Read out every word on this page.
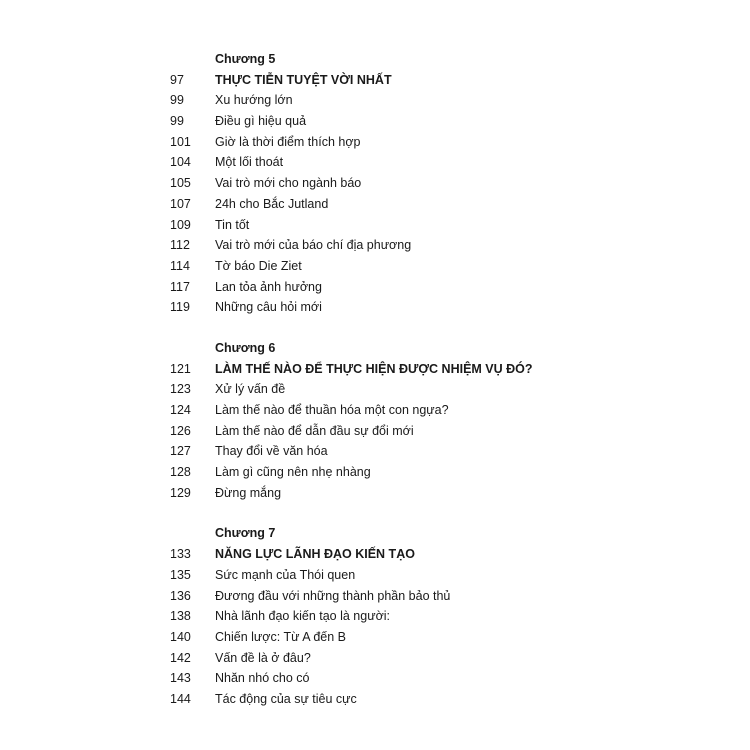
Chương 5
97 THỰC TIỄN TUYỆT VỜI NHẤT
99 Xu hướng lớn
99 Điều gì hiệu quả
101 Giờ là thời điểm thích hợp
104 Một lối thoát
105 Vai trò mới cho ngành báo
107 24h cho Bắc Jutland
109 Tin tốt
112 Vai trò mới của báo chí địa phương
114 Tờ báo Die Ziet
117 Lan tỏa ảnh hưởng
119 Những câu hỏi mới
Chương 6
121 LÀM THẾ NÀO ĐỂ THỰC HIỆN ĐƯỢC NHIỆM VỤ ĐÓ?
123 Xử lý vấn đề
124 Làm thế nào để thuần hóa một con ngựa?
126 Làm thế nào để dẫn đầu sự đổi mới
127 Thay đổi về văn hóa
128 Làm gì cũng nên nhẹ nhàng
129 Đừng mắng
Chương 7
133 NĂNG LỰC LÃNH ĐẠO KIẾN TẠO
135 Sức mạnh của Thói quen
136 Đương đầu với những thành phần bảo thủ
138 Nhà lãnh đạo kiến tạo là người:
140 Chiến lược: Từ A đến B
142 Vấn đề là ở đâu?
143 Nhăn nhó cho có
144 Tác động của sự tiêu cực
